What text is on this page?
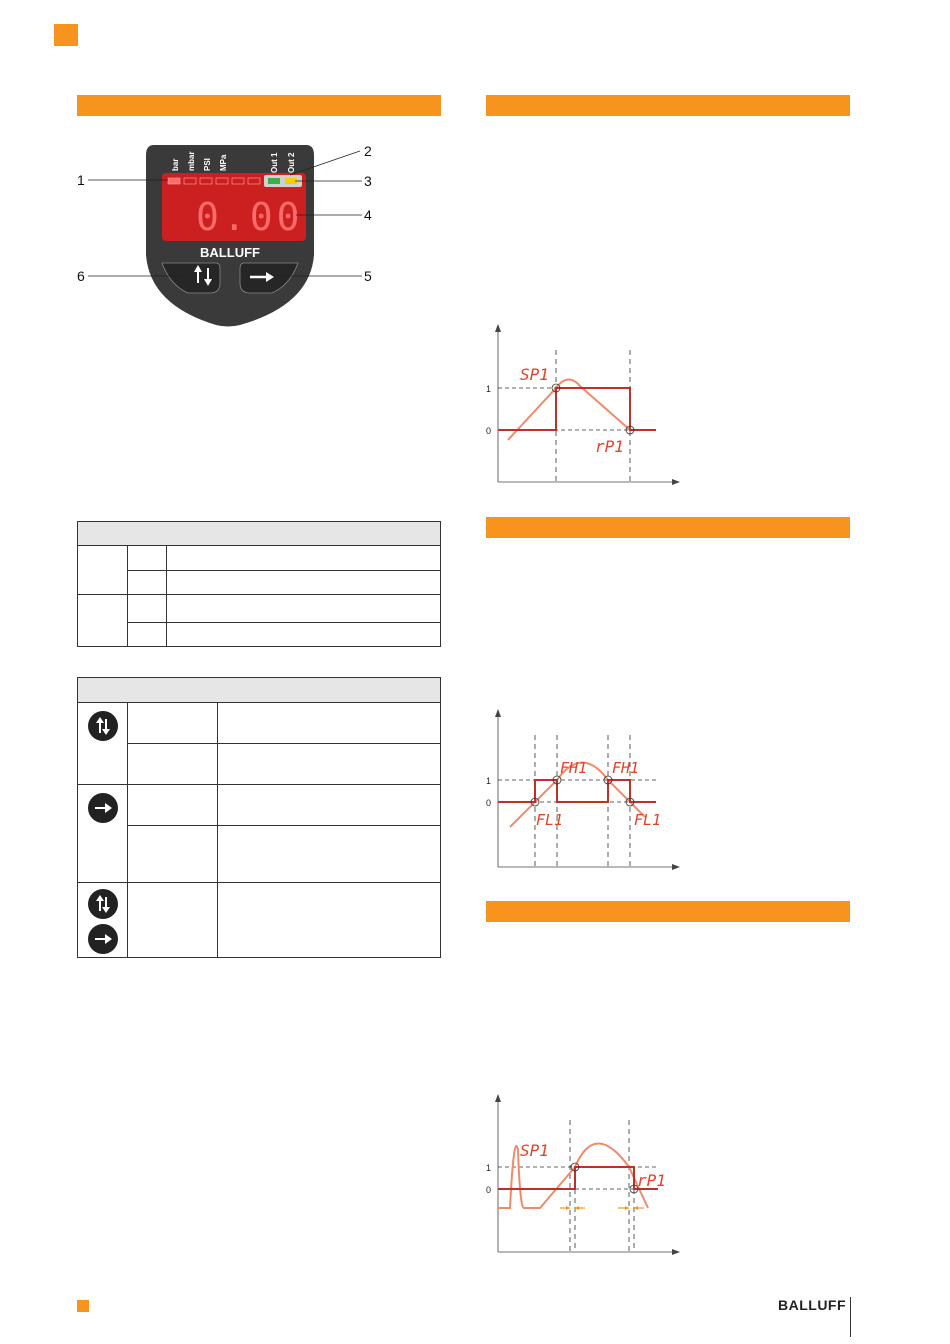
bar mbar PSI MPa	Out 1 Out 2
0.00
BALLUFF
1
2
3
4
5
6

1
0
SP1
rP1
1
0
FH1 FH1
FL1	FL1
1
0
SP1
rP1
BALLUFF
